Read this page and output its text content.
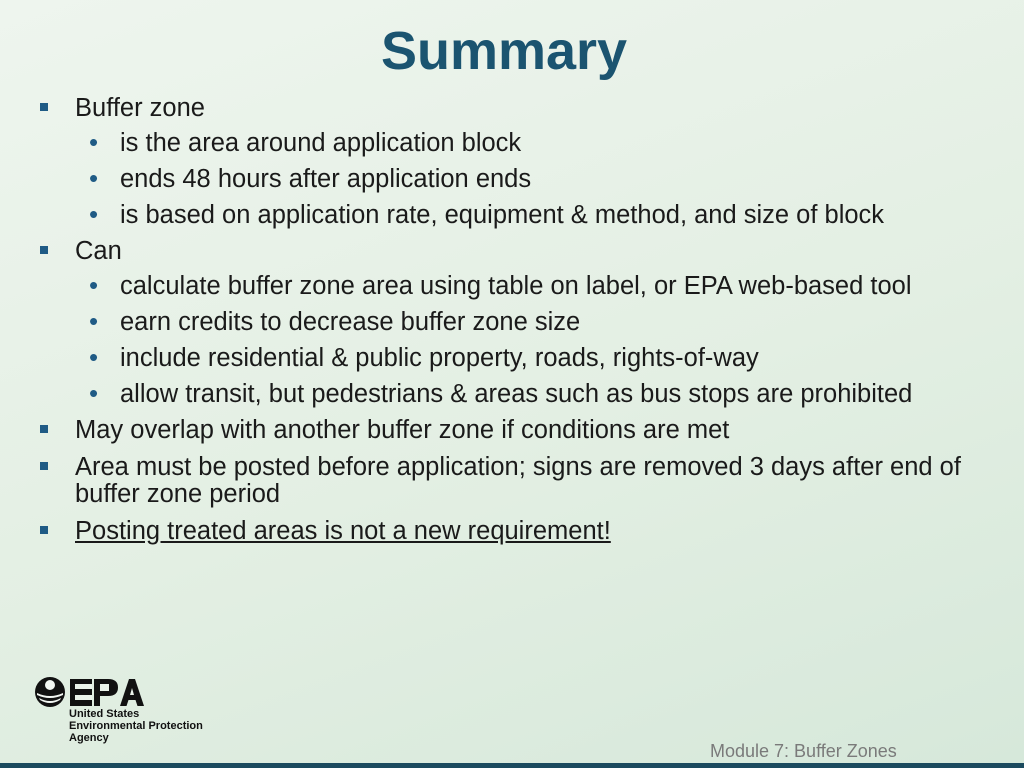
Summary
Buffer zone
• is the area around application block
• ends 48 hours after application ends
• is based on application rate, equipment & method, and size of block
Can
• calculate buffer zone area using table on label, or EPA web-based tool
• earn credits to decrease buffer zone size
• include residential & public property, roads, rights-of-way
• allow transit, but pedestrians & areas such as bus stops are prohibited
May overlap with another buffer zone if conditions are met
Area must be posted before application; signs are removed 3 days after end of buffer zone period
Posting treated areas is not a new requirement!
United States
Environmental Protection
Agency
Module 7: Buffer Zones
